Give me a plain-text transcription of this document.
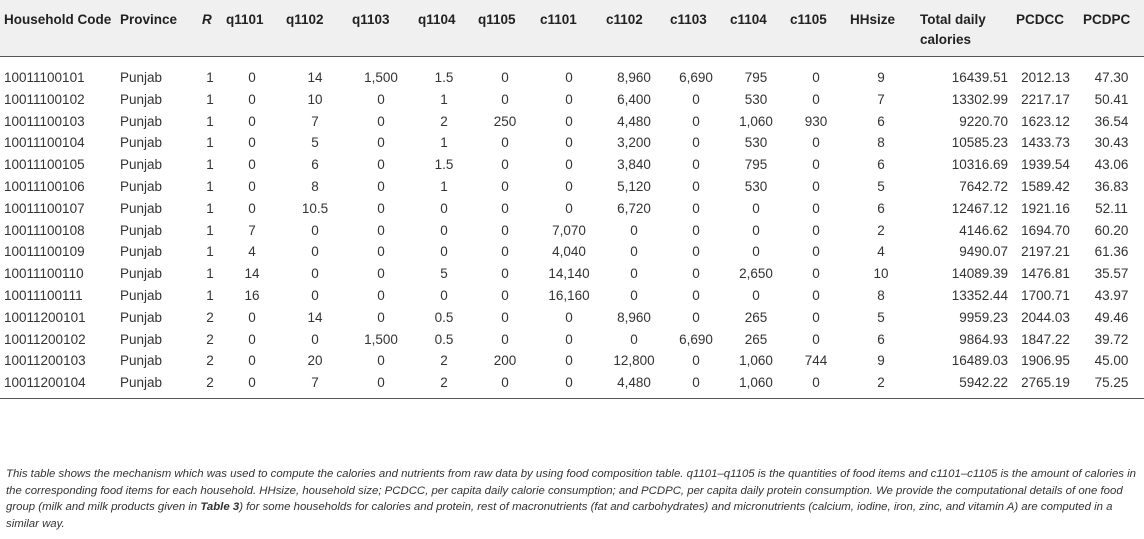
Household Code	Province	R	q1101	q1102	q1103	q1104	q1105	c1101	c1102	c1103	c1104	c1105	HHsize	Total daily calories	PCDCC	PCDPC
10011100101	Punjab	1	0	14	1,500	1.5	0	0	8,960	6,690	795	0	9	16439.51	2012.13	47.30
10011100102	Punjab	1	0	10	0	1	0	0	6,400	0	530	0	7	13302.99	2217.17	50.41
10011100103	Punjab	1	0	7	0	2	250	0	4,480	0	1,060	930	6	9220.70	1623.12	36.54
10011100104	Punjab	1	0	5	0	1	0	0	3,200	0	530	0	8	10585.23	1433.73	30.43
10011100105	Punjab	1	0	6	0	1.5	0	0	3,840	0	795	0	6	10316.69	1939.54	43.06
10011100106	Punjab	1	0	8	0	1	0	0	5,120	0	530	0	5	7642.72	1589.42	36.83
10011100107	Punjab	1	0	10.5	0	0	0	0	6,720	0	0	0	6	12467.12	1921.16	52.11
10011100108	Punjab	1	7	0	0	0	0	7,070	0	0	0	0	2	4146.62	1694.70	60.20
10011100109	Punjab	1	4	0	0	0	0	4,040	0	0	0	0	4	9490.07	2197.21	61.36
10011100110	Punjab	1	14	0	0	5	0	14,140	0	0	2,650	0	10	14089.39	1476.81	35.57
10011100111	Punjab	1	16	0	0	0	0	16,160	0	0	0	0	8	13352.44	1700.71	43.97
10011200101	Punjab	2	0	14	0	0.5	0	0	8,960	0	265	0	5	9959.23	2044.03	49.46
10011200102	Punjab	2	0	0	1,500	0.5	0	0	0	6,690	265	0	6	9864.93	1847.22	39.72
10011200103	Punjab	2	0	20	0	2	200	0	12,800	0	1,060	744	9	16489.03	1906.95	45.00
10011200104	Punjab	2	0	7	0	2	0	0	4,480	0	1,060	0	2	5942.22	2765.19	75.25

This table shows the mechanism which was used to compute the calories and nutrients from raw data by using food composition table. q1101–q1105 is the quantities of food items and c1101–c1105 is the amount of calories in the corresponding food items for each household. HHsize, household size; PCDCC, per capita daily calorie consumption; and PCDPC, per capita daily protein consumption. We provide the computational details of one food group (milk and milk products given in Table 3) for some households for calories and protein, rest of macronutrients (fat and carbohydrates) and micronutrients (calcium, iodine, iron, zinc, and vitamin A) are computed in a similar way.
